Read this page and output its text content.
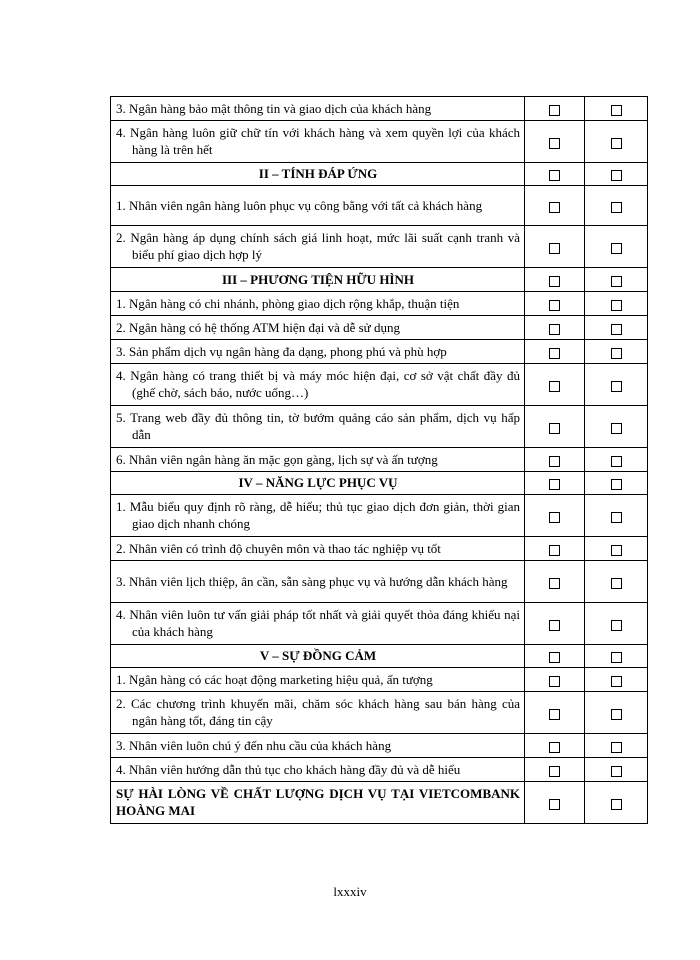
3. Ngân hàng bảo mật thông tin và giao dịch của khách hàng		

4. Ngân hàng luôn giữ chữ tín với khách hàng và xem quyền lợi của khách hàng là trên hết		

II – TÍNH ĐÁP ỨNG		

1. Nhân viên ngân hàng luôn phục vụ công bằng với tất cả khách hàng		

2. Ngân hàng áp dụng chính sách giá linh hoạt, mức lãi suất cạnh tranh và biểu phí giao dịch hợp lý		

III – PHƯƠNG TIỆN HỮU HÌNH		

1. Ngân hàng có chi nhánh, phòng giao dịch rộng khắp, thuận tiện		

2. Ngân hàng có hệ thống ATM hiện đại và dễ sử dụng		

3. Sản phẩm dịch vụ ngân hàng đa dạng, phong phú và phù hợp		

4. Ngân hàng có trang thiết bị và máy móc hiện đại, cơ sở vật chất đầy đủ (ghế chờ, sách báo, nước uống…)		

5. Trang web đầy đủ thông tin, tờ bướm quảng cáo sản phẩm, dịch vụ hấp dẫn		

6. Nhân viên ngân hàng ăn mặc gọn gàng, lịch sự và ấn tượng		

IV – NĂNG LỰC PHỤC VỤ		

1. Mẫu biểu quy định rõ ràng, dễ hiểu; thủ tục giao dịch đơn giản, thời gian giao dịch nhanh chóng		

2. Nhân viên có trình độ chuyên môn và thao tác nghiệp vụ tốt		

3. Nhân viên lịch thiệp, ân cần, sẵn sàng phục vụ và hướng dẫn khách hàng		

4. Nhân viên luôn tư vấn giải pháp tốt nhất và giải quyết thỏa đáng khiếu nại của khách hàng		

V – SỰ ĐỒNG CẢM		

1. Ngân hàng có các hoạt động marketing hiệu quả, ấn tượng		

2. Các chương trình khuyến mãi, chăm sóc khách hàng sau bán hàng của ngân hàng tốt, đáng tin cậy		

3. Nhân viên luôn chú ý đến nhu cầu của khách hàng		

4. Nhân viên hướng dẫn thủ tục cho khách hàng đầy đủ và dễ hiểu		

SỰ HÀI LÒNG VỀ CHẤT LƯỢNG DỊCH VỤ TẠI VIETCOMBANK HOÀNG MAI		

lxxxiv
